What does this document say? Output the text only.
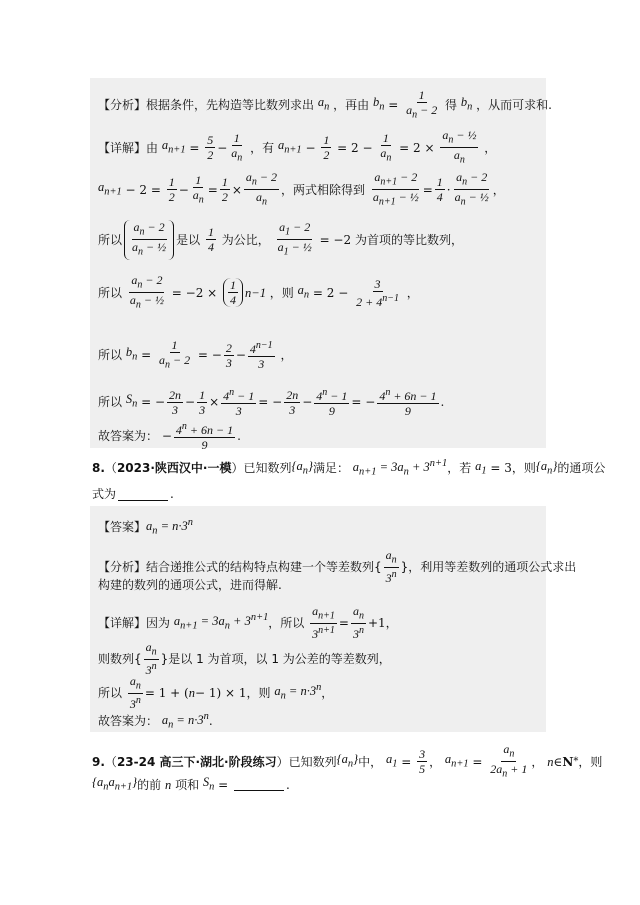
【分析】根据条件，先构造等比数列求出
$a_n$
，再由
$b_n = \frac{1}{a_n - 2}$
得
$b_n$
，从而可求和.
【详解】由
$a_{n+1} = \frac{5}{2} - \frac{1}{a_n}$
，有
$a_{n+1} - \frac{1}{2} = 2 - \frac{1}{a_n} = 2 \times \frac{a_n - \frac{1}{2}}{a_n}$
，
$a_{n+1} - 2 = \frac{1}{2} - \frac{1}{a_n} = \frac{1}{2} \times \frac{a_n - 2}{a_n}$ ，两式相除得到
$\frac{a_{n+1} - 2}{a_{n+1} - \frac{1}{2}} = \frac{1}{4} \cdot \frac{a_n - 2}{a_n - \frac{1}{2}}$ ，
所以 $\frac{a_n - 2}{a_n - \frac{1}{2}}$ 是以
$\frac{1}{4}$
为公比，
$\frac{a_1 - 2}{a_1 - \frac{1}{2}} = -2$ 为首项的等比数列，
所以
$\frac{a_n - 2}{a_n - \frac{1}{2}} = -2 \times \frac{1}{4} n-1$
，则
$a_n = 2 - \frac{3}{2 + 4^{n-1}}$
，
所以
$b_n = \frac{1}{a_n - 2}$ = − $\frac{2}{3} - \frac{4^{n-1}}{3}$
，
所以
$S_n$ = − $\frac{2n}{3} - \frac{1}{3} \times \frac{4^n - 1}{3}$ = − $\frac{2n}{3} - \frac{4^n - 1}{9}$ = − $\frac{4^n + 6n - 1}{9}$ .
故答案为： − $\frac{4^n + 6n - 1}{9}$ .
8. （ 2023·陕西汉中·一模 ）已知数列 $\{a_n\}$ 满足：
$a_{n+1} = 3a_n + 3^{n+1}$ ，若
$a_1 = 3$ ，则 $\{a_n\}$ 的通项公
式为	.
【答案】 $a_n = n\cdot 3^n$
【分析】结合递推公式的结构特点构建一个等差数列{ $\frac{a_n}{3^n}$ }，利用等差数列的通项公式求出
构建的数列的通项公式，进而得解.
【详解】因为
$a_{n+1} = 3a_n + 3^{n+1}$ ，所以
$\frac{a_{n+1}}{3^{n+1}} = \frac{a_n}{3^n} +1$ ，
则数列{ $\frac{a_n}{3^n}$ }是以 1 为首项，以 1 为公差的等差数列，
所以
$\frac{a_n}{3^n} = 1$ + ( n − 1) × 1 ，则
$a_n = n\cdot 3^n$ ，
故答案为：
$a_n = n\cdot 3^n$ .
9. （ 23-24 高三下·湖北·阶段练习 ）已知数列 $\{a_n\}$ 中，
$a_1 = \frac{3}{5}$ ，
$a_{n+1} = \frac{a_n}{2a_n + 1}$ ，
n ∈ N * ，则
$\{a_na_{n+1}\}$ 的前
n
项和
$S_n$ =	.
